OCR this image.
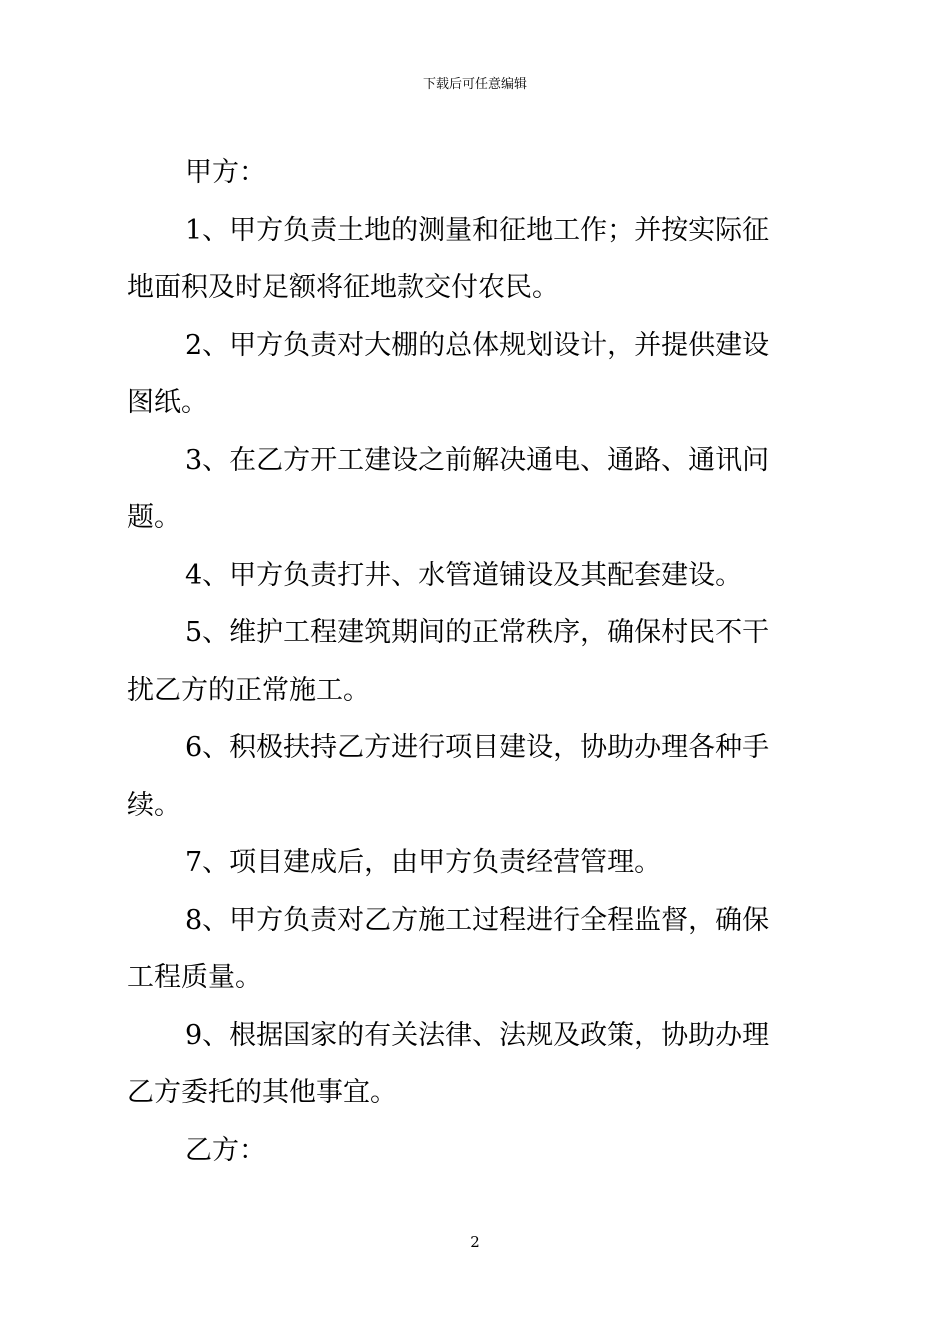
下载后可任意编辑
甲方：
1、甲方负责土地的测量和征地工作；并按实际征
地面积及时足额将征地款交付农民。
2、甲方负责对大棚的总体规划设计，并提供建设
图纸。
3、在乙方开工建设之前解决通电、通路、通讯问
题。
4、甲方负责打井、水管道铺设及其配套建设。
5、维护工程建筑期间的正常秩序，确保村民不干
扰乙方的正常施工。
6、积极扶持乙方进行项目建设，协助办理各种手
续。
7、项目建成后，由甲方负责经营管理。
8、甲方负责对乙方施工过程进行全程监督，确保
工程质量。
9、根据国家的有关法律、法规及政策，协助办理
乙方委托的其他事宜。
乙方：
2
